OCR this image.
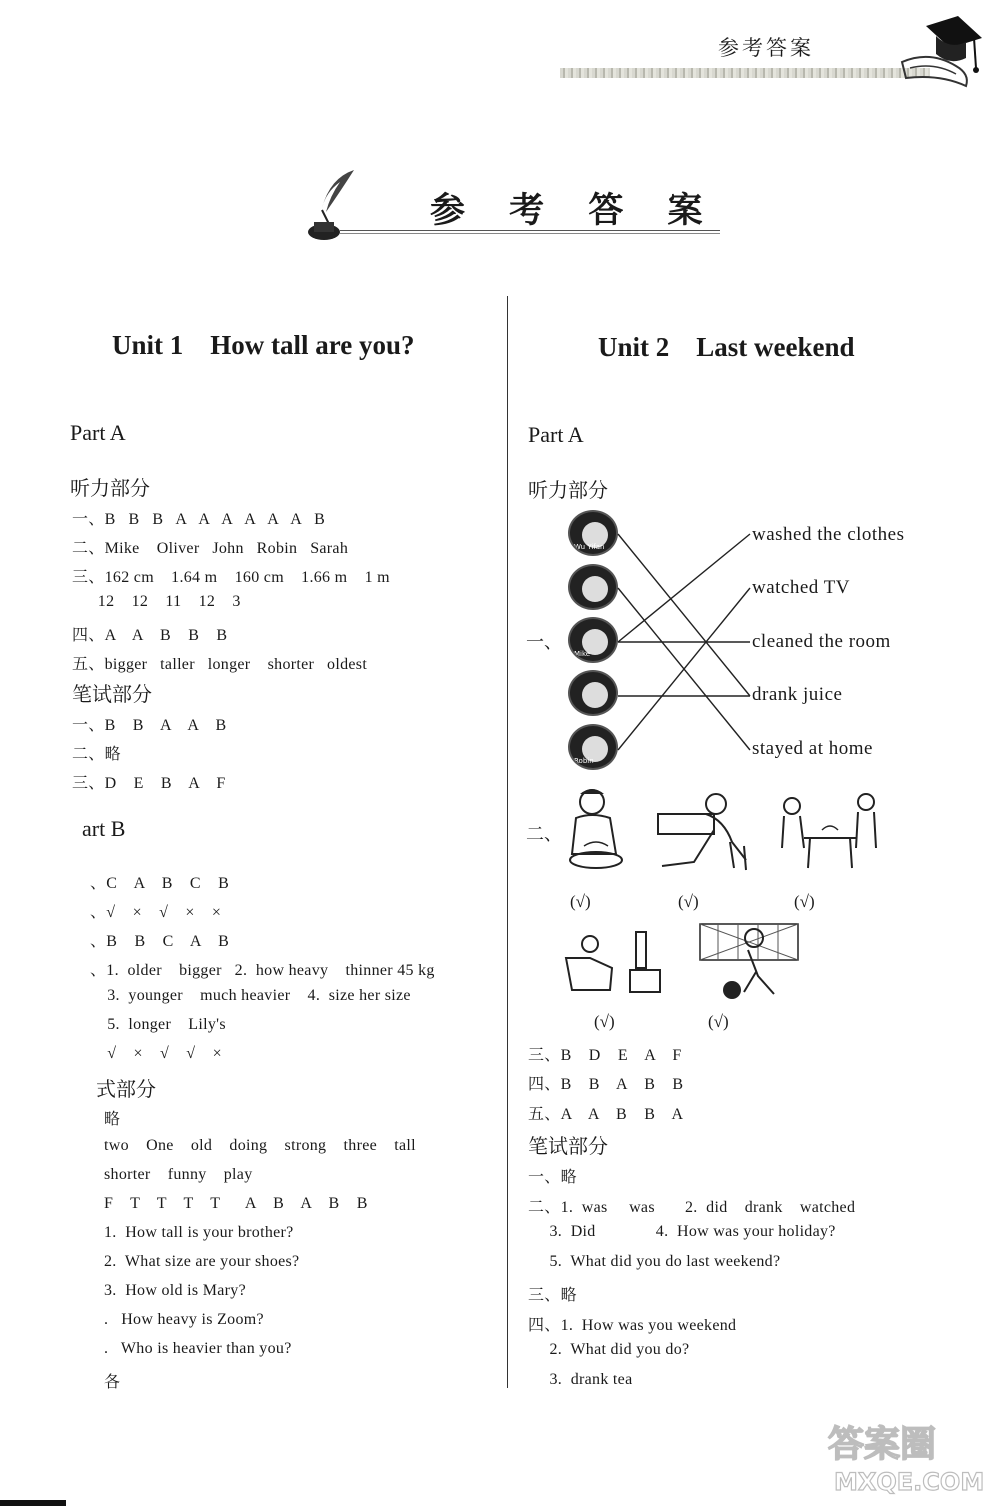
参考答案
参 考 答 案
Unit 1    How tall are you?
Part A
听力部分
一、B   B   B   A   A   A   A   A   A   B
二、Mike    Oliver   John   Robin   Sarah
三、162 cm    1.64 m    160 cm    1.66 m    1 m
12    12    11    12    3
四、A    A    B    B    B
五、bigger   taller   longer    shorter   oldest
笔试部分
一、B    B    A    A    B
二、略
三、D    E    B    A    F
art B
、C    A    B    C    B
、√    ×    √    ×    ×
、B    B    C    A    B
、1.  older    bigger   2.  how heavy    thinner 45 kg
3.  younger    much heavier    4.  size her size
5.  longer    Lily's
√    ×    √    √    ×
式部分
略
two    One    old    doing    strong    three    tall
shorter    funny    play
F    T    T    T    T      A    B    A    B    B
1.  How tall is your brother?
2.  What size are your shoes?
3.  How old is Mary?
.   How heavy is Zoom?
.   Who is heavier than you?
各
Unit 2    Last weekend
Part A
听力部分
一、
Wu Yifan
Mike
Robin
washed the clothes
watched TV
cleaned the room
drank juice
stayed at home
二、
(√)	(√)	(√)
(√)	(√)
三、B    D    E    A    F
四、B    B    A    B    B
五、A    A    B    B    A
笔试部分
一、略
二、1.  was     was       2.  did    drank    watched
3.  Did              4.  How was your holiday?
5.  What did you do last weekend?
三、略
四、1.  How was you weekend
2.  What did you do?
3.  drank tea
答案圈
MXQE.COM
